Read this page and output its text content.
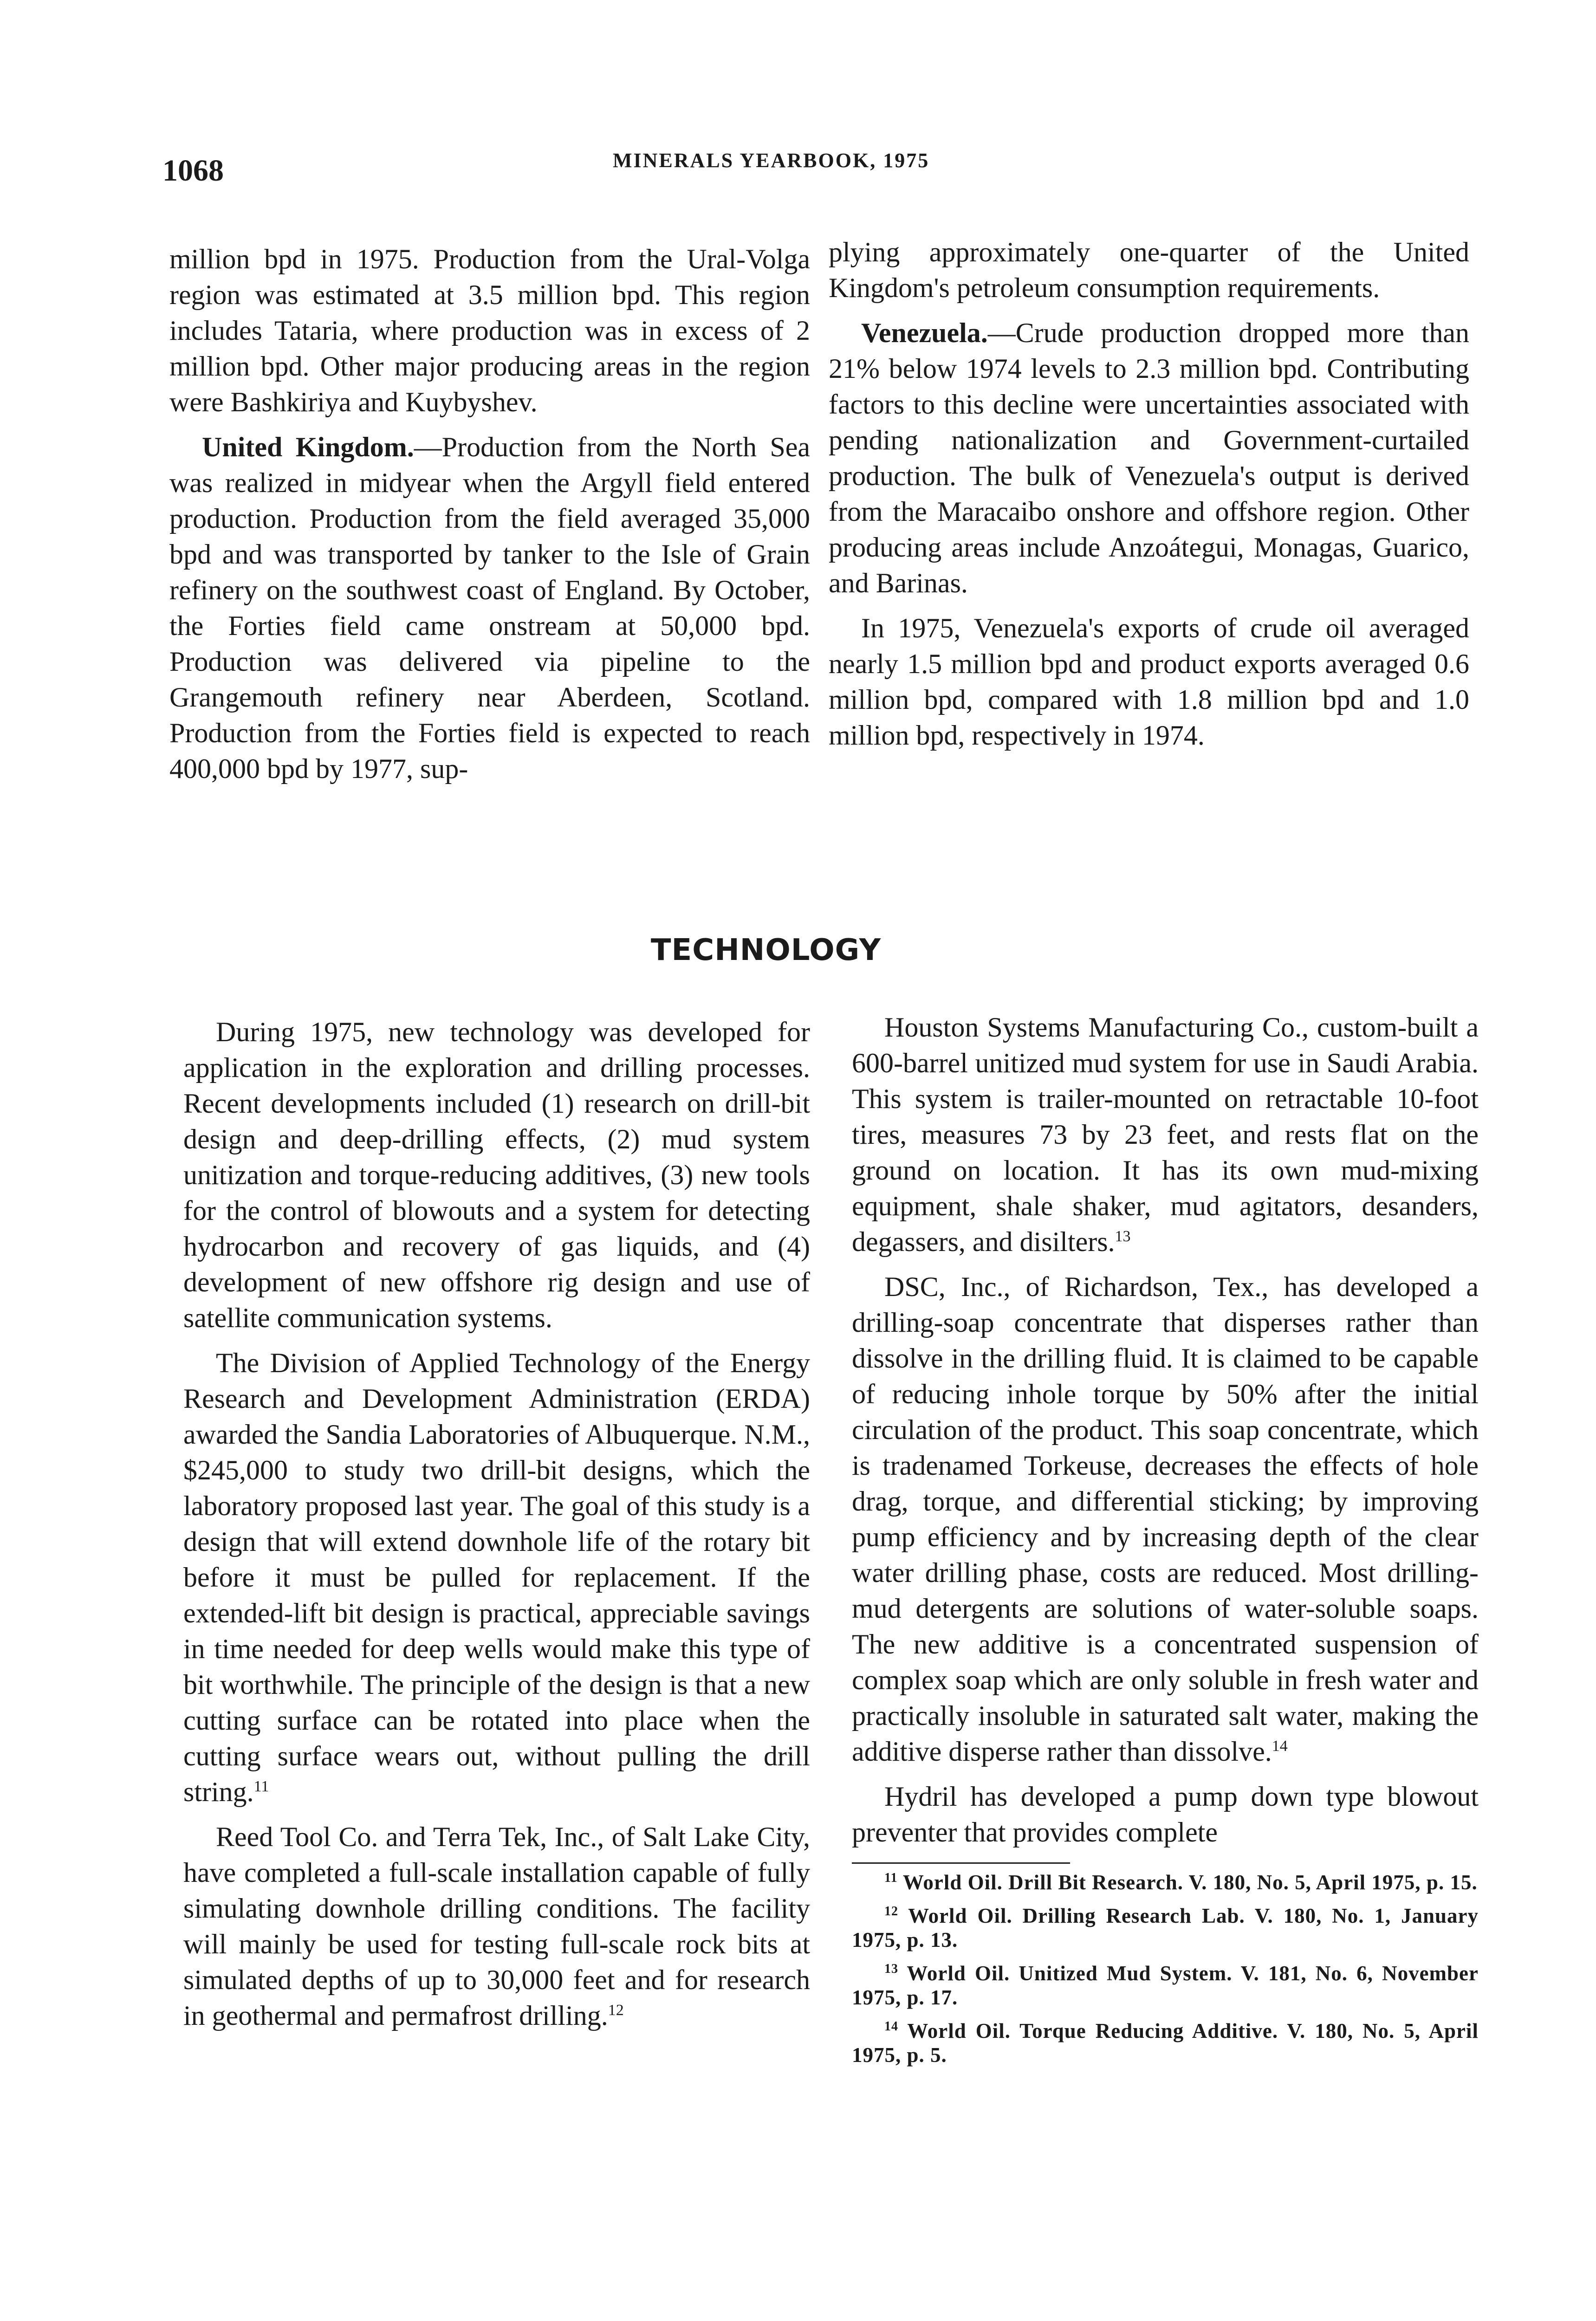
1068	MINERALS YEARBOOK, 1975

million bpd in 1975. Production from the Ural-Volga region was estimated at 3.5 million bpd. This region includes Tataria, where production was in excess of 2 million bpd. Other major producing areas in the region were Bashkiriya and Kuybyshev.

United Kingdom.—Production from the North Sea was realized in midyear when the Argyll field entered production. Production from the field averaged 35,000 bpd and was transported by tanker to the Isle of Grain refinery on the southwest coast of England. By October, the Forties field came onstream at 50,000 bpd. Production was delivered via pipeline to the Grangemouth refinery near Aberdeen, Scotland. Production from the Forties field is expected to reach 400,000 bpd by 1977, sup-

plying approximately one-quarter of the United Kingdom's petroleum consumption requirements.

Venezuela.—Crude production dropped more than 21% below 1974 levels to 2.3 million bpd. Contributing factors to this decline were uncertainties associated with pending nationalization and Government-curtailed production. The bulk of Venezuela's output is derived from the Maracaibo onshore and offshore region. Other producing areas include Anzoátegui, Monagas, Guarico, and Barinas.

In 1975, Venezuela's exports of crude oil averaged nearly 1.5 million bpd and product exports averaged 0.6 million bpd, compared with 1.8 million bpd and 1.0 million bpd, respectively in 1974.

TECHNOLOGY

During 1975, new technology was developed for application in the exploration and drilling processes. Recent developments included (1) research on drill-bit design and deep-drilling effects, (2) mud system unitization and torque-reducing additives, (3) new tools for the control of blowouts and a system for detecting hydrocarbon and recovery of gas liquids, and (4) development of new offshore rig design and use of satellite communication systems.

The Division of Applied Technology of the Energy Research and Development Administration (ERDA) awarded the Sandia Laboratories of Albuquerque. N.M., $245,000 to study two drill-bit designs, which the laboratory proposed last year. The goal of this study is a design that will extend downhole life of the rotary bit before it must be pulled for replacement. If the extended-lift bit design is practical, appreciable savings in time needed for deep wells would make this type of bit worthwhile. The principle of the design is that a new cutting surface can be rotated into place when the cutting surface wears out, without pulling the drill string.$^{11}$

Reed Tool Co. and Terra Tek, Inc., of Salt Lake City, have completed a full-scale installation capable of fully simulating downhole drilling conditions. The facility will mainly be used for testing full-scale rock bits at simulated depths of up to 30,000 feet and for research in geothermal and permafrost drilling.$^{12}$

Houston Systems Manufacturing Co., custom-built a 600-barrel unitized mud system for use in Saudi Arabia. This system is trailer-mounted on retractable 10-foot tires, measures 73 by 23 feet, and rests flat on the ground on location. It has its own mud-mixing equipment, shale shaker, mud agitators, desanders, degassers, and disilters.$^{13}$

DSC, Inc., of Richardson, Tex., has developed a drilling-soap concentrate that disperses rather than dissolve in the drilling fluid. It is claimed to be capable of reducing inhole torque by 50% after the initial circulation of the product. This soap concentrate, which is tradenamed Torkeuse, decreases the effects of hole drag, torque, and differential sticking; by improving pump efficiency and by increasing depth of the clear water drilling phase, costs are reduced. Most drilling-mud detergents are solutions of water-soluble soaps. The new additive is a concentrated suspension of complex soap which are only soluble in fresh water and practically insoluble in saturated salt water, making the additive disperse rather than dissolve.$^{14}$

Hydril has developed a pump down type blowout preventer that provides complete

$^{11}$ World Oil. Drill Bit Research. V. 180, No. 5, April 1975, p. 15.

$^{12}$ World Oil. Drilling Research Lab. V. 180, No. 1, January 1975, p. 13.

$^{13}$ World Oil. Unitized Mud System. V. 181, No. 6, November 1975, p. 17.

$^{14}$ World Oil. Torque Reducing Additive. V. 180, No. 5, April 1975, p. 5.
